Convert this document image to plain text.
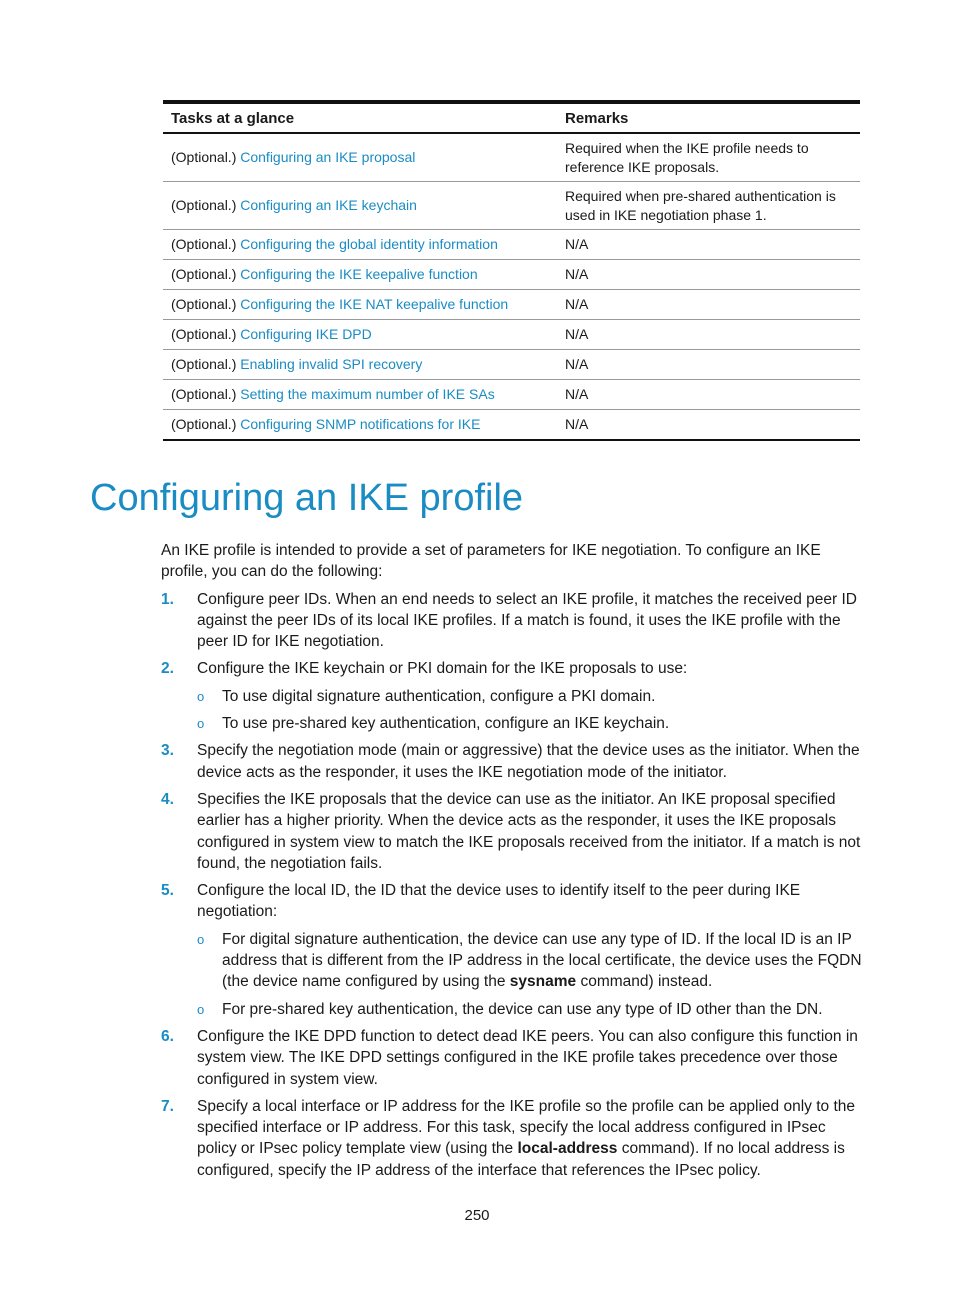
Tasks at a glance	Remarks
(Optional.) Configuring an IKE proposal	Required when the IKE profile needs to reference IKE proposals.
(Optional.) Configuring an IKE keychain	Required when pre-shared authentication is used in IKE negotiation phase 1.
(Optional.) Configuring the global identity information	N/A
(Optional.) Configuring the IKE keepalive function	N/A
(Optional.) Configuring the IKE NAT keepalive function	N/A
(Optional.) Configuring IKE DPD	N/A
(Optional.) Enabling invalid SPI recovery	N/A
(Optional.) Setting the maximum number of IKE SAs	N/A
(Optional.) Configuring SNMP notifications for IKE	N/A
Configuring an IKE profile

An IKE profile is intended to provide a set of parameters for IKE negotiation. To configure an IKE profile, you can do the following:

1. Configure peer IDs. When an end needs to select an IKE profile, it matches the received peer ID against the peer IDs of its local IKE profiles. If a match is found, it uses the IKE profile with the peer ID for IKE negotiation.
2. Configure the IKE keychain or PKI domain for the IKE proposals to use:
o To use digital signature authentication, configure a PKI domain.
o To use pre-shared key authentication, configure an IKE keychain.
3. Specify the negotiation mode (main or aggressive) that the device uses as the initiator. When the device acts as the responder, it uses the IKE negotiation mode of the initiator.
4. Specifies the IKE proposals that the device can use as the initiator. An IKE proposal specified earlier has a higher priority. When the device acts as the responder, it uses the IKE proposals configured in system view to match the IKE proposals received from the initiator. If a match is not found, the negotiation fails.
5. Configure the local ID, the ID that the device uses to identify itself to the peer during IKE negotiation:
o For digital signature authentication, the device can use any type of ID. If the local ID is an IP address that is different from the IP address in the local certificate, the device uses the FQDN (the device name configured by using the sysname command) instead.
o For pre-shared key authentication, the device can use any type of ID other than the DN.
6. Configure the IKE DPD function to detect dead IKE peers. You can also configure this function in system view. The IKE DPD settings configured in the IKE profile takes precedence over those configured in system view.
7. Specify a local interface or IP address for the IKE profile so the profile can be applied only to the specified interface or IP address. For this task, specify the local address configured in IPsec policy or IPsec policy template view (using the local-address command). If no local address is configured, specify the IP address of the interface that references the IPsec policy.
250
